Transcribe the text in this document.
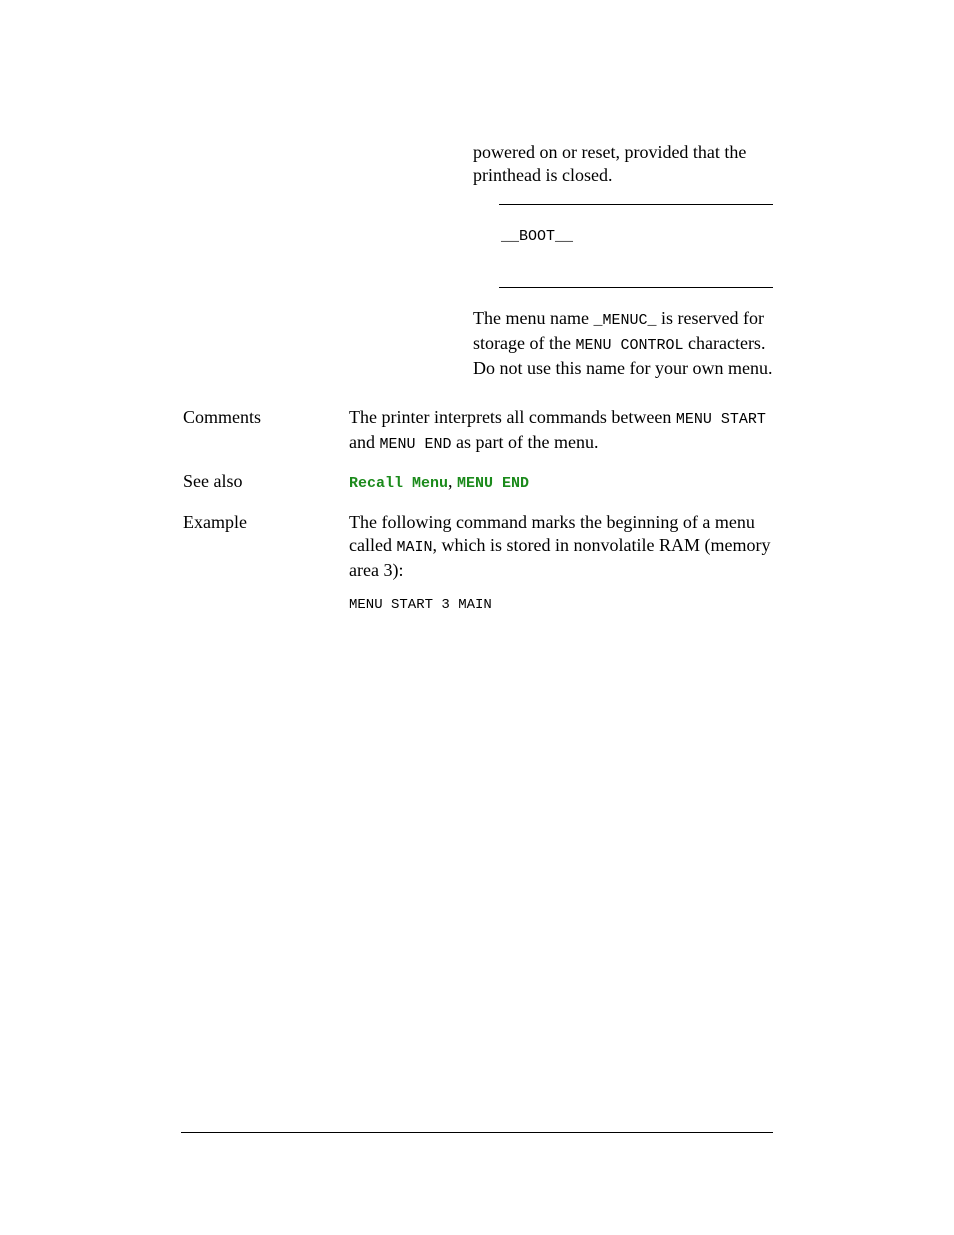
powered on or reset, provided that the printhead is closed.

__BOOT__

The menu name _MENUC_ is reserved for storage of the MENU CONTROL characters. Do not use this name for your own menu.

Comments	The printer interprets all commands between MENU START and MENU END as part of the menu.

See also	Recall Menu, MENU END
Example	The following command marks the beginning of a menu called MAIN, which is stored in nonvolatile RAM (memory area 3):

MENU START 3 MAIN
